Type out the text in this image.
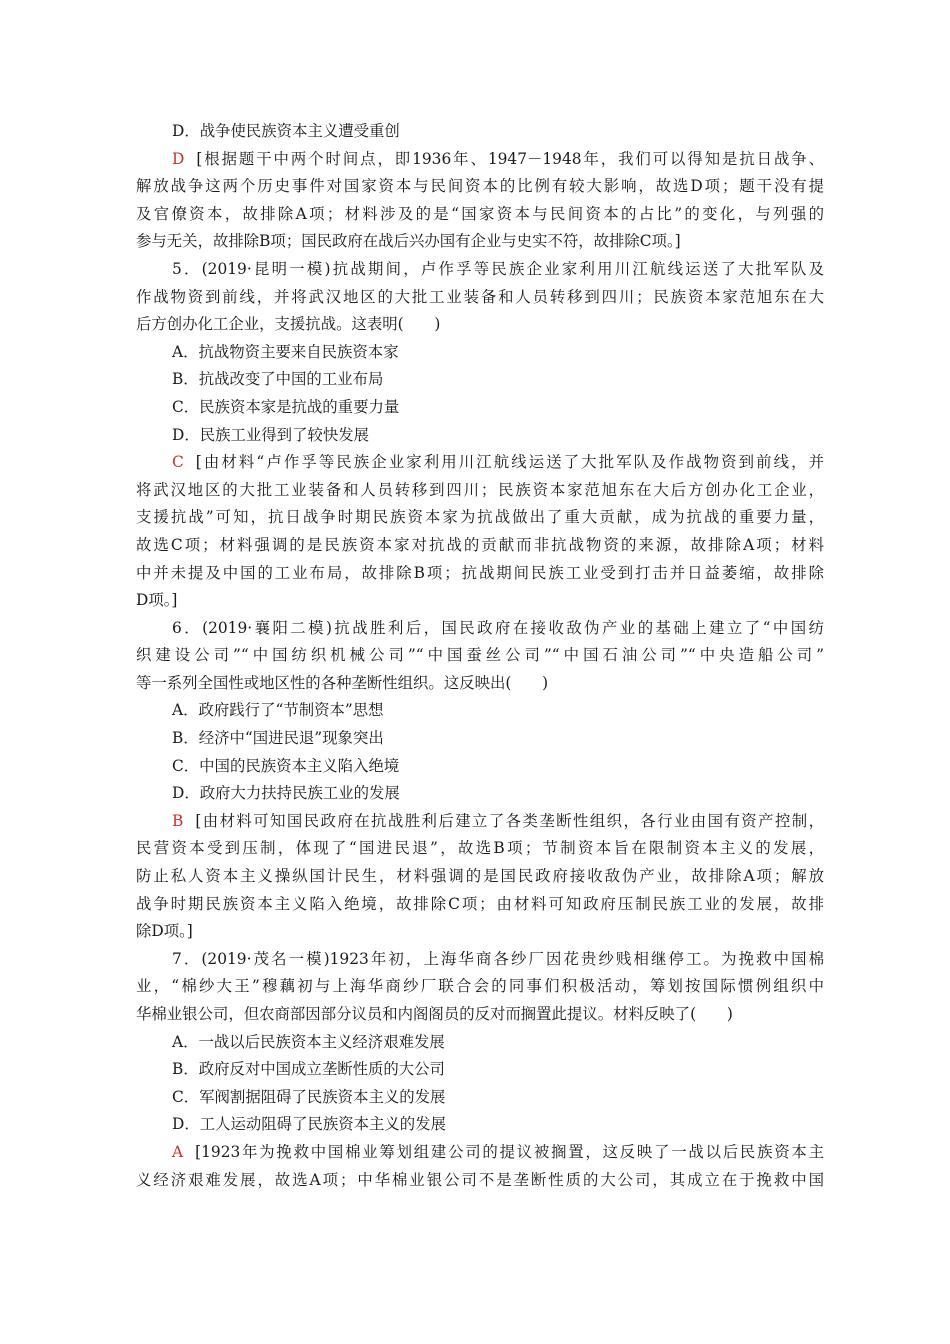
D．战争使民族资本主义遭受重创
D [根据题干中两个时间点，即1936年、1947－1948年，我们可以得知是抗日战争、
解放战争这两个历史事件对国家资本与民间资本的比例有较大影响，故选D项；题干没有提
及官僚资本，故排除A项；材料涉及的是“国家资本与民间资本的占比”的变化，与列强的
参与无关，故排除B项；国民政府在战后兴办国有企业与史实不符，故排除C项。]
5．(2019·昆明一模)抗战期间，卢作孚等民族企业家利用川江航线运送了大批军队及
作战物资到前线，并将武汉地区的大批工业装备和人员转移到四川；民族资本家范旭东在大
后方创办化工企业，支援抗战。这表明(　　)
A．抗战物资主要来自民族资本家
B．抗战改变了中国的工业布局
C．民族资本家是抗战的重要力量
D．民族工业得到了较快发展
C [由材料“卢作孚等民族企业家利用川江航线运送了大批军队及作战物资到前线，并
将武汉地区的大批工业装备和人员转移到四川；民族资本家范旭东在大后方创办化工企业，
支援抗战”可知，抗日战争时期民族资本家为抗战做出了重大贡献，成为抗战的重要力量，
故选C项；材料强调的是民族资本家对抗战的贡献而非抗战物资的来源，故排除A项；材料
中并未提及中国的工业布局，故排除B项；抗战期间民族工业受到打击并日益萎缩，故排除
D项。]
6．(2019·襄阳二模)抗战胜利后，国民政府在接收敌伪产业的基础上建立了“中国纺
织建设公司”“中国纺织机械公司”“中国蚕丝公司”“中国石油公司”“中央造船公司”
等一系列全国性或地区性的各种垄断性组织。这反映出(　　)
A．政府践行了“节制资本”思想
B．经济中“国进民退”现象突出
C．中国的民族资本主义陷入绝境
D．政府大力扶持民族工业的发展
B [由材料可知国民政府在抗战胜利后建立了各类垄断性组织，各行业由国有资产控制，
民营资本受到压制，体现了“国进民退”，故选B项；节制资本旨在限制资本主义的发展，
防止私人资本主义操纵国计民生，材料强调的是国民政府接收敌伪产业，故排除A项；解放
战争时期民族资本主义陷入绝境，故排除C项；由材料可知政府压制民族工业的发展，故排
除D项。]
7．(2019·茂名一模)1923年初，上海华商各纱厂因花贵纱贱相继停工。为挽救中国棉
业，“棉纱大王”穆藕初与上海华商纱厂联合会的同事们积极活动，筹划按国际惯例组织中
华棉业银公司，但农商部因部分议员和内阁阁员的反对而搁置此提议。材料反映了(　　)
A．一战以后民族资本主义经济艰难发展
B．政府反对中国成立垄断性质的大公司
C．军阀割据阻碍了民族资本主义的发展
D．工人运动阻碍了民族资本主义的发展
A [1923年为挽救中国棉业筹划组建公司的提议被搁置，这反映了一战以后民族资本主
义经济艰难发展，故选A项；中华棉业银公司不是垄断性质的大公司，其成立在于挽救中国
